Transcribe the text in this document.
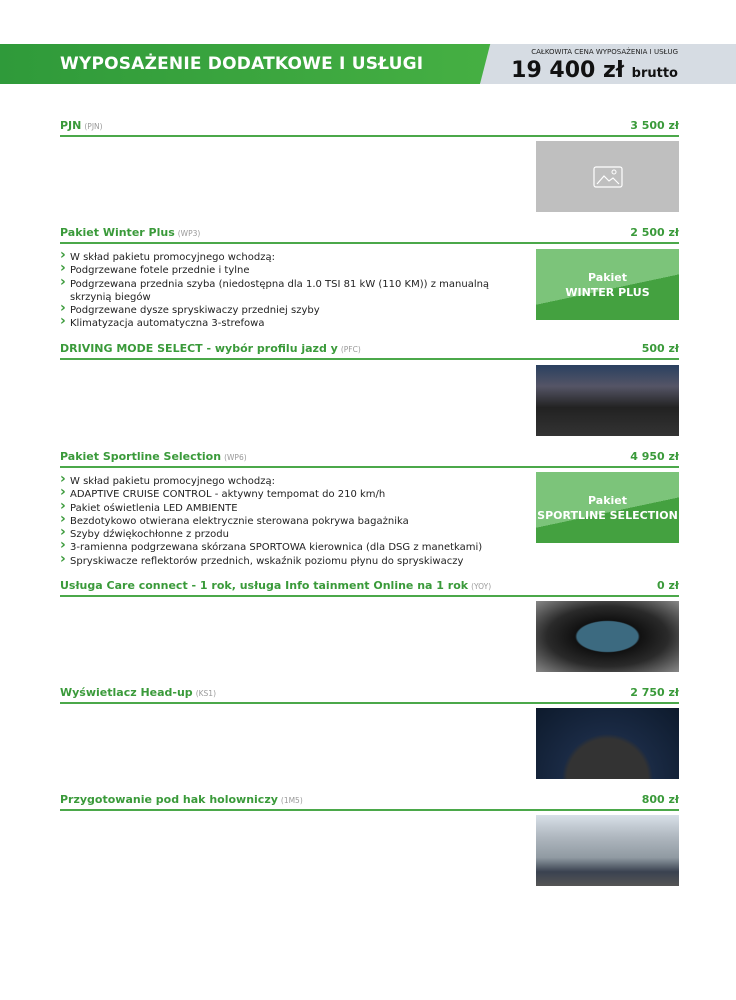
WYPOSAŻENIE DODATKOWE I USŁUGI
CAŁKOWITA CENA WYPOSAŻENIA I USŁUG
19 400 zł brutto
PJN (PJN)	3 500 zł
Pakiet Winter Plus (WP3)	2 500 zł
› W skład pakietu promocyjnego wchodzą:
› Podgrzewane fotele przednie i tylne
› Podgrzewana przednia szyba (niedostępna dla 1.0 TSI 81 kW (110 KM)) z manualną skrzynią biegów
› Podgrzewane dysze spryskiwaczy przedniej szyby
› Klimatyzacja automatyczna 3-strefowa
Pakiet
WINTER PLUS
DRIVING MODE SELECT - wybór profilu jazd y (PFC)	500 zł
Pakiet Sportline Selection (WP6)	4 950 zł
› W skład pakietu promocyjnego wchodzą:
› ADAPTIVE CRUISE CONTROL - aktywny tempomat do 210 km/h
› Pakiet oświetlenia LED AMBIENTE
› Bezdotykowo otwierana elektrycznie sterowana pokrywa bagażnika
› Szyby dźwiękochłonne z przodu
› 3-ramienna podgrzewana skórzana SPORTOWA kierownica (dla DSG z manetkami)
› Spryskiwacze reflektorów przednich, wskaźnik poziomu płynu do spryskiwaczy
Pakiet
SPORTLINE SELECTION
Usługa Care connect - 1 rok, usługa Info tainment Online na 1 rok (YOY)	0 zł
Wyświetlacz Head-up (KS1)	2 750 zł
Przygotowanie pod hak holowniczy (1M5)	800 zł
